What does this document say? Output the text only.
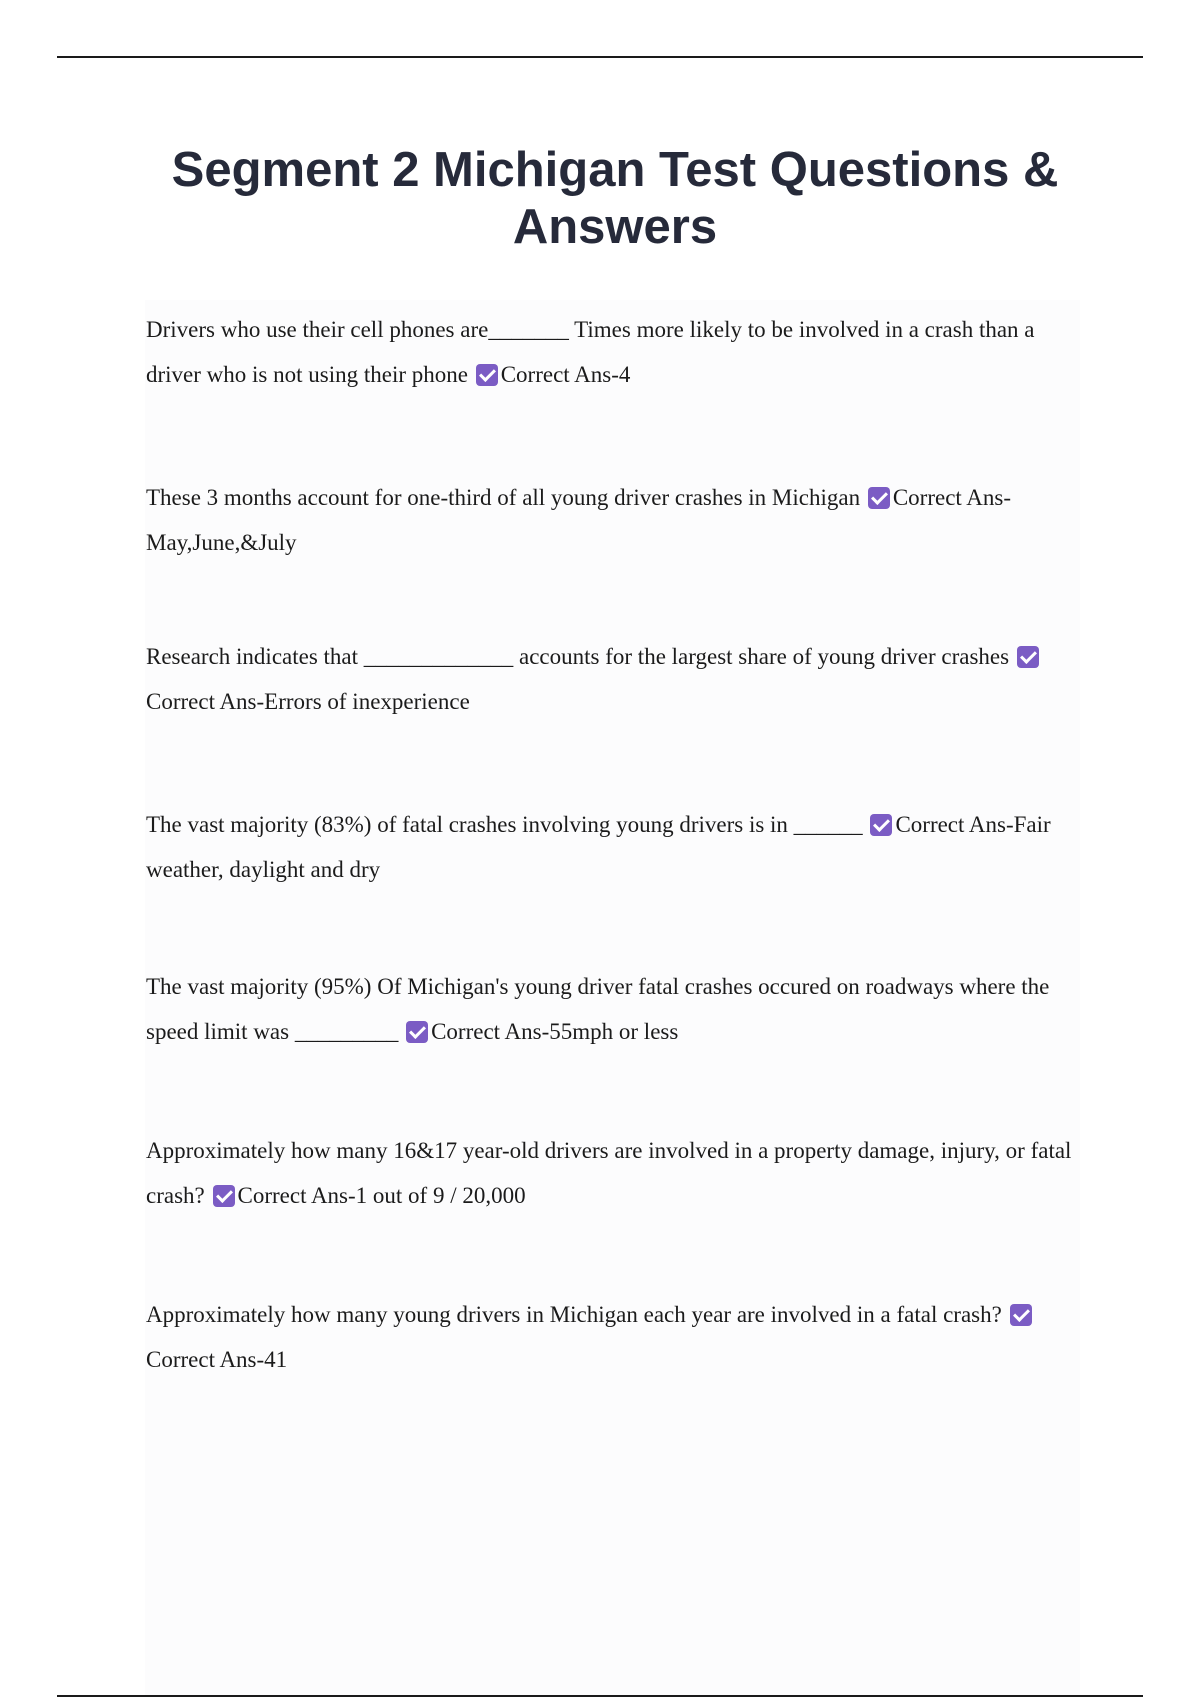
Segment 2 Michigan Test Questions & Answers

Drivers who use their cell phones are_______ Times more likely to be involved in a crash than a driver who is not using their phone Correct Ans-4

These 3 months account for one-third of all young driver crashes in Michigan Correct Ans-May,June,&July

Research indicates that _____________ accounts for the largest share of young driver crashes Correct Ans-Errors of inexperience

The vast majority (83%) of fatal crashes involving young drivers is in ______ Correct Ans-Fair weather, daylight and dry

The vast majority (95%) Of Michigan's young driver fatal crashes occured on roadways where the speed limit was _________ Correct Ans-55mph or less

Approximately how many 16&17 year-old drivers are involved in a property damage, injury, or fatal crash? Correct Ans-1 out of 9 / 20,000

Approximately how many young drivers in Michigan each year are involved in a fatal crash? Correct Ans-41
